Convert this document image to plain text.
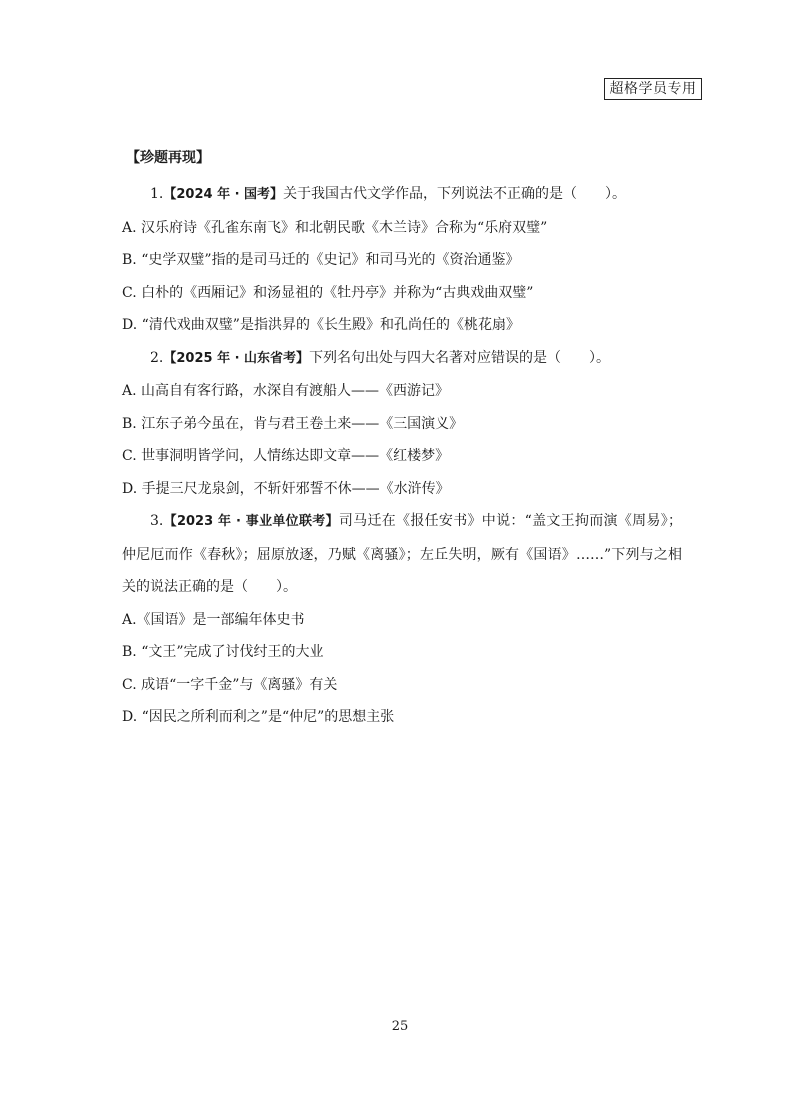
超格学员专用
【珍题再现】

1.【2024 年 · 国考】关于我国古代文学作品，下列说法不正确的是（　　）。

A. 汉乐府诗《孔雀东南飞》和北朝民歌《木兰诗》合称为“乐府双璧”

B. “史学双璧”指的是司马迁的《史记》和司马光的《资治通鉴》

C. 白朴的《西厢记》和汤显祖的《牡丹亭》并称为“古典戏曲双璧”

D. “清代戏曲双璧”是指洪昇的《长生殿》和孔尚任的《桃花扇》

2.【2025 年 · 山东省考】下列名句出处与四大名著对应错误的是（　　）。

A. 山高自有客行路，水深自有渡船人——《西游记》

B. 江东子弟今虽在，肯与君王卷土来——《三国演义》

C. 世事洞明皆学问，人情练达即文章——《红楼梦》

D. 手提三尺龙泉剑，不斩奸邪誓不休——《水浒传》

3.【2023 年 · 事业单位联考】司马迁在《报任安书》中说：“盖文王拘而演《周易》；仲尼厄而作《春秋》；屈原放逐，乃赋《离骚》；左丘失明，厥有《国语》……”下列与之相关的说法正确的是（　　）。

A.《国语》是一部编年体史书

B. “文王”完成了讨伐纣王的大业

C. 成语“一字千金”与《离骚》有关

D. “因民之所利而利之”是“仲尼”的思想主张

25
